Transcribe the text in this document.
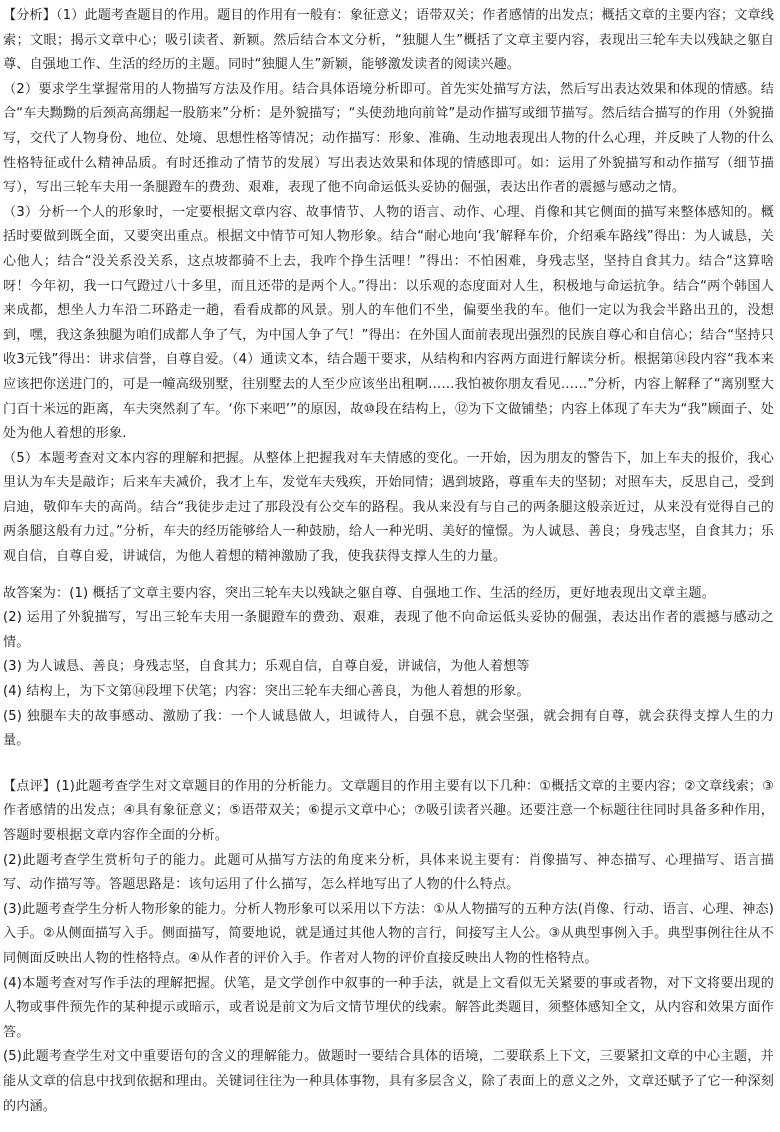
【分析】（1）此题考查题目的作用。题目的作用有一般有：象征意义；语带双关；作者感情的出发点；概括文章的主要内容；文章线索；文眼；揭示文章中心；吸引读者、新颖。然后结合本文分析，“独腿人生”概括了文章主要内容，表现出三轮车夫以残缺之躯自尊、自强地工作、生活的经历的主题。同时“独腿人生”新颖，能够激发读者的阅读兴趣。

（2）要求学生掌握常用的人物描写方法及作用。结合具体语境分析即可。首先实处描写方法，然后写出表达效果和体现的情感。结合“车夫黝黝的后颈高高绷起一股筋来”分析：是外貌描写；“头使劲地向前耸”是动作描写或细节描写。然后结合描写的作用（外貌描写，交代了人物身份、地位、处境、思想性格等情况；动作描写：形象、准确、生动地表现出人物的什么心理，并反映了人物的什么性格特征或什么精神品质。有时还推动了情节的发展）写出表达效果和体现的情感即可。如：运用了外貌描写和动作描写（细节描写），写出三轮车夫用一条腿蹬车的费劲、艰难，表现了他不向命运低头妥协的倔强，表达出作者的震撼与感动之情。

（3）分析一个人的形象时，一定要根据文章内容、故事情节、人物的语言、动作、心理、肖像和其它侧面的描写来整体感知的。概括时要做到既全面，又要突出重点。根据文中情节可知人物形象。结合“耐心地向‘我’解释车价，介绍乘车路线”得出：为人诚恳，关心他人；结合“没关系没关系，这点坡都骑不上去，我咋个挣生活哩！”得出：不怕困难，身残志坚，坚持自食其力。结合“这算啥呀！今年初，我一口气蹬过八十多里，而且还带的是两个人。”得出：以乐观的态度面对人生，积极地与命运抗争。结合“两个韩国人来成都，想坐人力车沿二环路走一趟，看看成都的风景。别人的车他们不坐，偏要坐我的车。他们一定以为我会半路出丑的，没想到，嘿，我这条独腿为咱们成都人争了气，为中国人争了气！”得出：在外国人面前表现出强烈的民族自尊心和自信心；结合“坚持只收3元钱”得出：讲求信誉，自尊自爱。（4）通读文本，结合题干要求，从结构和内容两方面进行解读分析。根据第⑭段内容“我本来应该把你送进门的，可是一幢高级别墅，往别墅去的人至少应该坐出租啊……我怕被你朋友看见……”分析，内容上解释了“离别墅大门百十米远的距离，车夫突然刹了车。‘你下来吧’”的原因，故⑩段在结构上，⑫为下文做铺垫；内容上体现了车夫为“我”顾面子、处处为他人着想的形象.

（5）本题考查对文本内容的理解和把握。从整体上把握我对车夫情感的变化。一开始，因为朋友的警告下，加上车夫的报价，我心里认为车夫是敲诈；后来车夫减价，我才上车，发觉车夫残疾，开始同情；遇到坡路，尊重车夫的坚韧；对照车夫，反思自己，受到启迪，敬仰车夫的高尚。结合“我徒步走过了那段没有公交车的路程。我从来没有与自己的两条腿这般亲近过，从来没有觉得自己的两条腿这般有力过。”分析，车夫的经历能够给人一种鼓励，给人一种光明、美好的憧憬。为人诚恳、善良；身残志坚，自食其力；乐观自信，自尊自爱，讲诚信，为他人着想的精神激励了我，使我获得支撑人生的力量。

故答案为：(1) 概括了文章主要内容，突出三轮车夫以残缺之躯自尊、自强地工作、生活的经历，更好地表现出文章主题。

(2) 运用了外貌描写，写出三轮车夫用一条腿蹬车的费劲、艰难，表现了他不向命运低头妥协的倔强，表达出作者的震撼与感动之情。

(3) 为人诚恳、善良；身残志坚，自食其力；乐观自信，自尊自爱，讲诚信，为他人着想等

(4) 结构上，为下文第⑭段埋下伏笔；内容：突出三轮车夫细心善良，为他人着想的形象。

(5) 独腿车夫的故事感动、激励了我：一个人诚恳做人，坦诚待人，自强不息，就会坚强，就会拥有自尊，就会获得支撑人生的力量。

【点评】(1)此题考查学生对文章题目的作用的分析能力。文章题目的作用主要有以下几种：①概括文章的主要内容；②文章线索；③作者感情的出发点；④具有象征意义；⑤语带双关；⑥提示文章中心；⑦吸引读者兴趣。还要注意一个标题往往同时具备多种作用，答题时要根据文章内容作全面的分析。

(2)此题考查学生赏析句子的能力。此题可从描写方法的角度来分析，具体来说主要有：肖像描写、神态描写、心理描写、语言描写、动作描写等。答题思路是：该句运用了什么描写，怎么样地写出了人物的什么特点。

(3)此题考查学生分析人物形象的能力。分析人物形象可以采用以下方法：①从人物描写的五种方法(肖像、行动、语言、心理、神态)入手。②从侧面描写入手。侧面描写，简要地说，就是通过其他人物的言行，间接写主人公。③从典型事例入手。典型事例往往从不同侧面反映出人物的性格特点。④从作者的评价入手。作者对人物的评价直接反映出人物的性格特点。

(4)本题考查对写作手法的理解把握。伏笔，是文学创作中叙事的一种手法，就是上文看似无关紧要的事或者物，对下文将要出现的人物或事件预先作的某种提示或暗示，或者说是前文为后文情节埋伏的线索。解答此类题目，须整体感知全文，从内容和效果方面作答。

(5)此题考查学生对文中重要语句的含义的理解能力。做题时一要结合具体的语境，二要联系上下文，三要紧扣文章的中心主题，并能从文章的信息中找到依据和理由。关键词往往为一种具体事物，具有多层含义，除了表面上的意义之外，文章还赋予了它一种深刻的内涵。
